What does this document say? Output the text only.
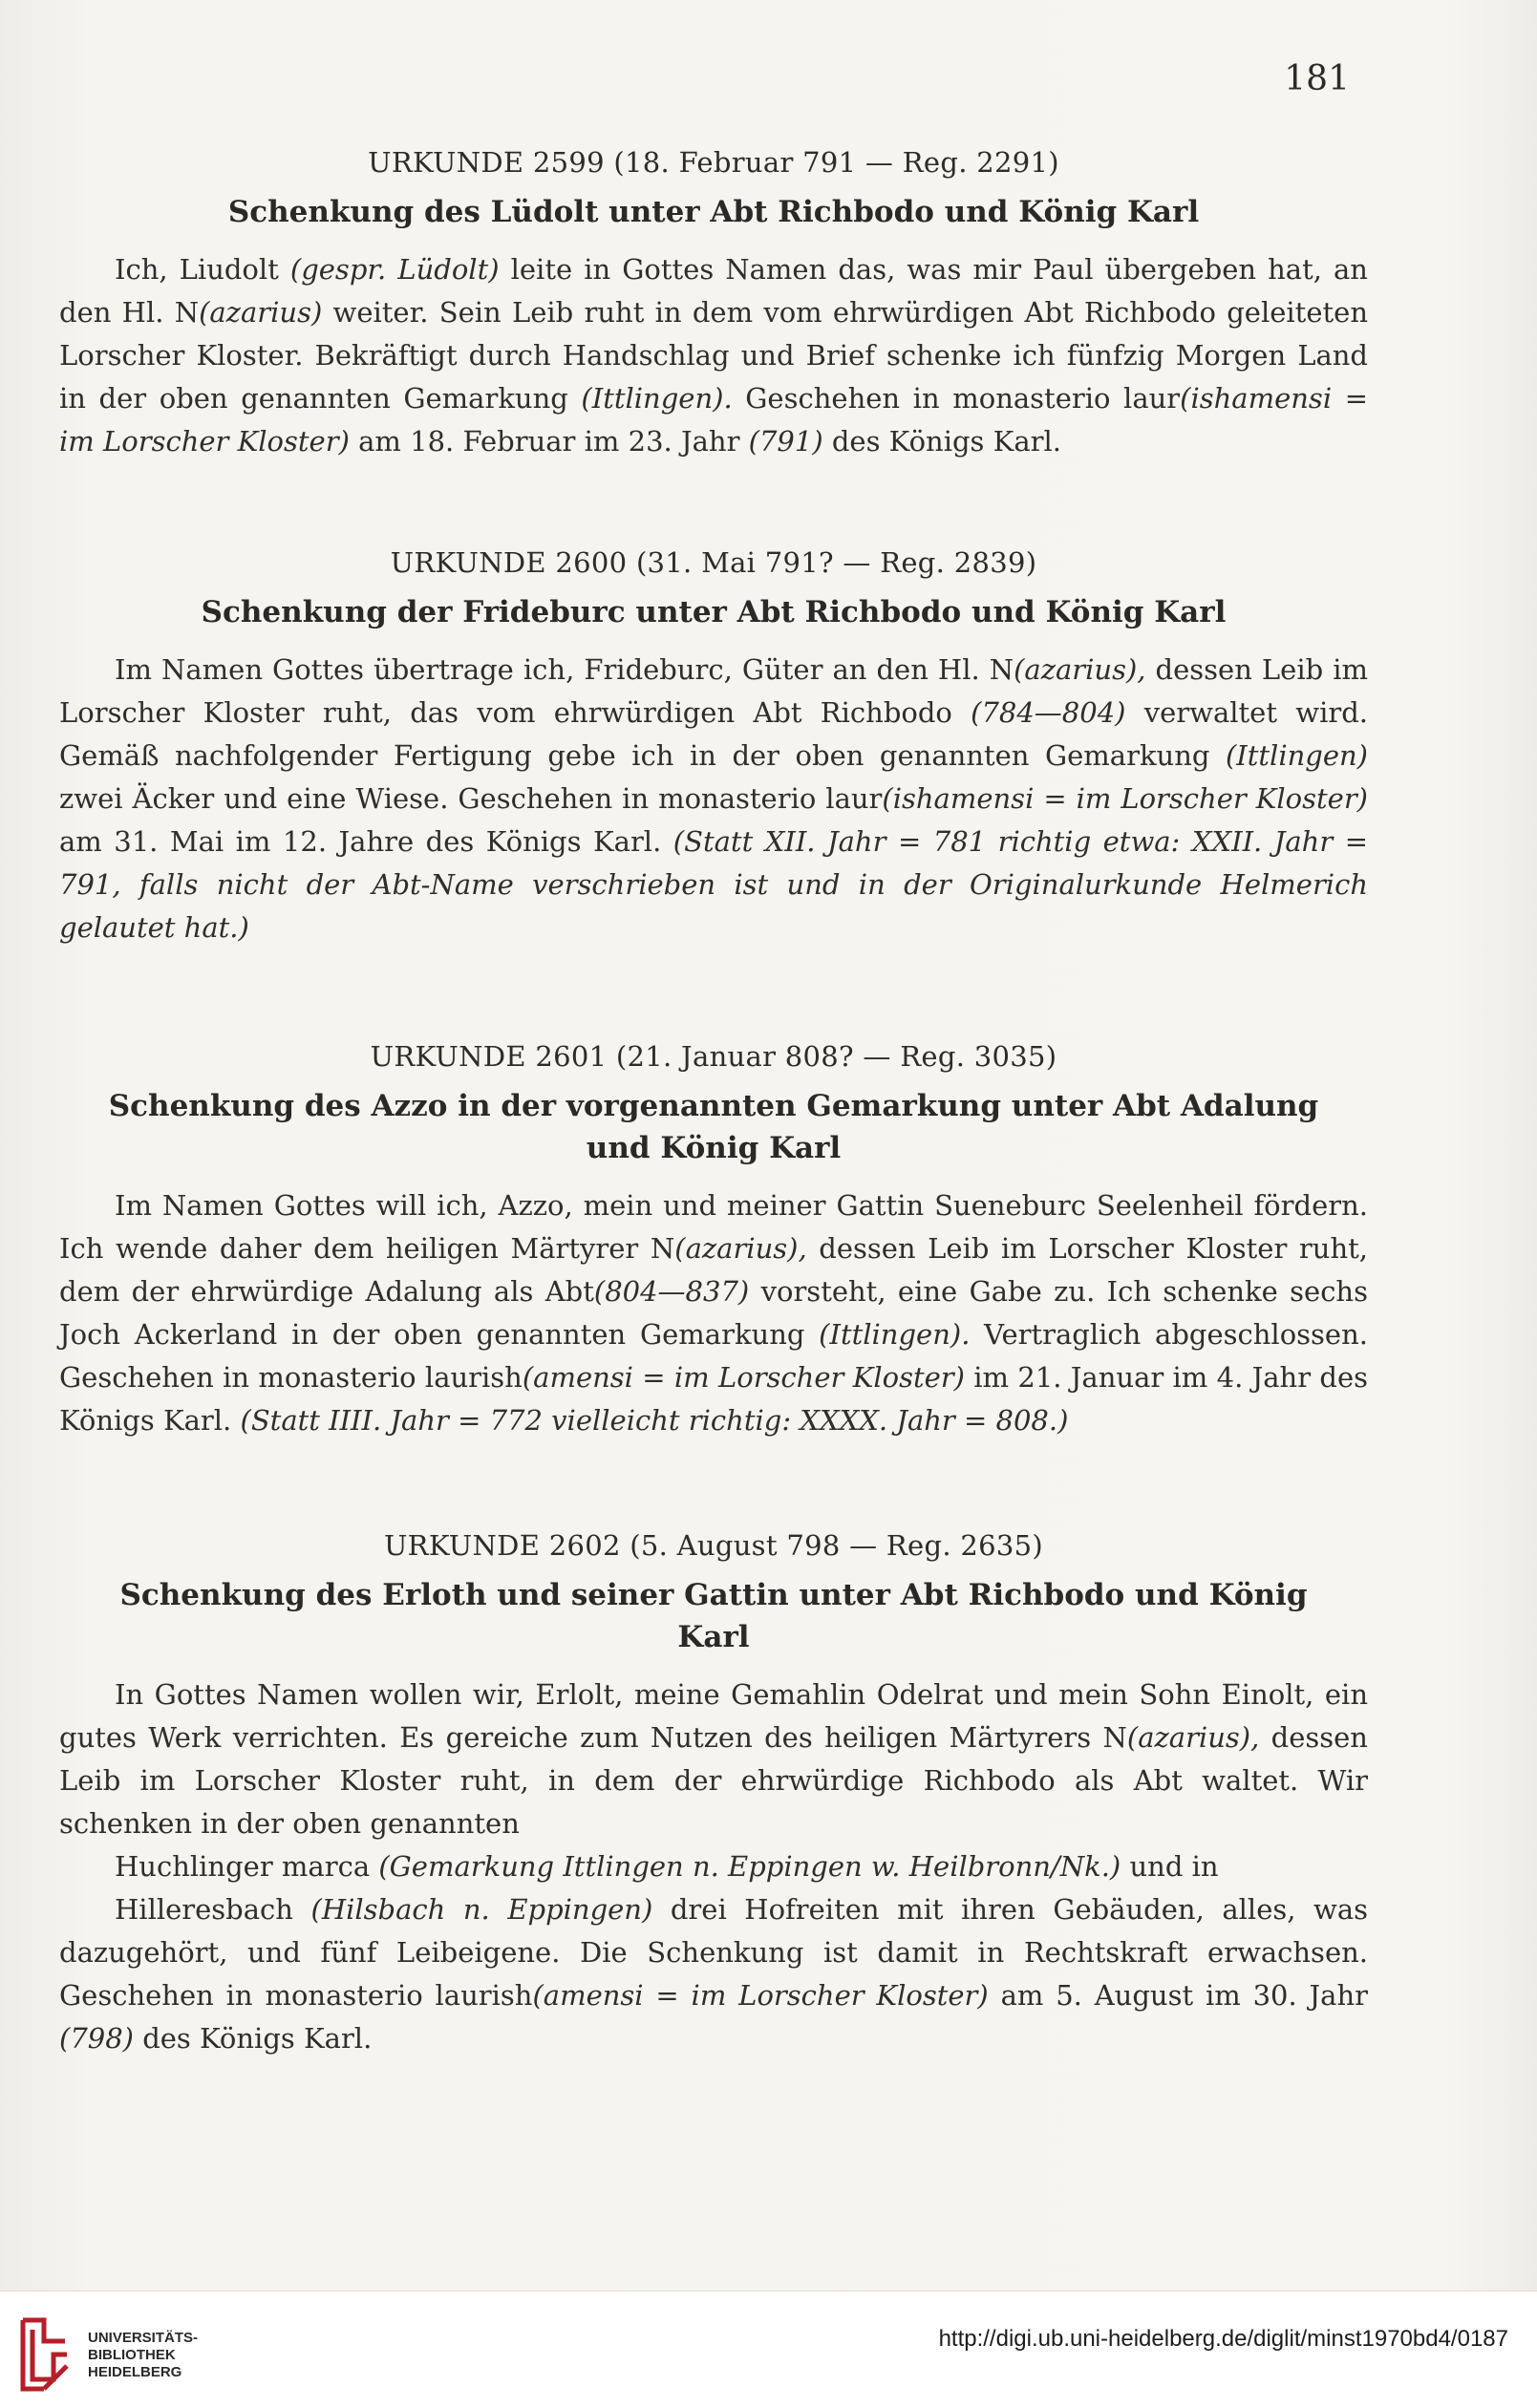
181
URKUNDE 2599 (18. Februar 791 — Reg. 2291)
Schenkung des Lüdolt unter Abt Richbodo und König Karl

Ich, Liudolt (gespr. Lüdolt) leite in Gottes Namen das, was mir Paul übergeben hat, an den Hl. N(azarius) weiter. Sein Leib ruht in dem vom ehrwürdigen Abt Richbodo geleiteten Lorscher Kloster. Bekräftigt durch Handschlag und Brief schenke ich fünfzig Morgen Land in der oben genannten Gemarkung (Ittlingen). Geschehen in monasterio laur(ishamensi = im Lorscher Kloster) am 18. Februar im 23. Jahr (791) des Königs Karl.

URKUNDE 2600 (31. Mai 791? — Reg. 2839)
Schenkung der Frideburc unter Abt Richbodo und König Karl

Im Namen Gottes übertrage ich, Frideburc, Güter an den Hl. N(azarius), dessen Leib im Lorscher Kloster ruht, das vom ehrwürdigen Abt Richbodo (784—804) verwaltet wird. Gemäß nachfolgender Fertigung gebe ich in der oben genannten Gemarkung (Ittlingen) zwei Äcker und eine Wiese. Geschehen in monasterio laur(ishamensi = im Lorscher Kloster) am 31. Mai im 12. Jahre des Königs Karl. (Statt XII. Jahr = 781 richtig etwa: XXII. Jahr = 791, falls nicht der Abt-Name verschrieben ist und in der Originalurkunde Helmerich gelautet hat.)

URKUNDE 2601 (21. Januar 808? — Reg. 3035)
Schenkung des Azzo in der vorgenannten Gemarkung unter Abt Adalung und König Karl

Im Namen Gottes will ich, Azzo, mein und meiner Gattin Sueneburc Seelenheil fördern. Ich wende daher dem heiligen Märtyrer N(azarius), dessen Leib im Lorscher Kloster ruht, dem der ehrwürdige Adalung als Abt(804—837) vorsteht, eine Gabe zu. Ich schenke sechs Joch Ackerland in der oben genannten Gemarkung (Ittlingen). Vertraglich abgeschlossen. Geschehen in monasterio laurish(amensi = im Lorscher Kloster) im 21. Januar im 4. Jahr des Königs Karl. (Statt IIII. Jahr = 772 vielleicht richtig: XXXX. Jahr = 808.)

URKUNDE 2602 (5. August 798 — Reg. 2635)
Schenkung des Erloth und seiner Gattin unter Abt Richbodo und König Karl

In Gottes Namen wollen wir, Erlolt, meine Gemahlin Odelrat und mein Sohn Einolt, ein gutes Werk verrichten. Es gereiche zum Nutzen des heiligen Märtyrers N(azarius), dessen Leib im Lorscher Kloster ruht, in dem der ehrwürdige Richbodo als Abt waltet. Wir schenken in der oben genannten

Huchlinger marca (Gemarkung Ittlingen n. Eppingen w. Heilbronn/Nk.) und in

Hilleresbach (Hilsbach n. Eppingen) drei Hofreiten mit ihren Gebäuden, alles, was dazugehört, und fünf Leibeigene. Die Schenkung ist damit in Rechtskraft erwachsen. Geschehen in monasterio laurish(amensi = im Lorscher Kloster) am 5. August im 30. Jahr (798) des Königs Karl.

UNIVERSITÄTS-
BIBLIOTHEK
HEIDELBERG
http://digi.ub.uni-heidelberg.de/diglit/minst1970bd4/0187
